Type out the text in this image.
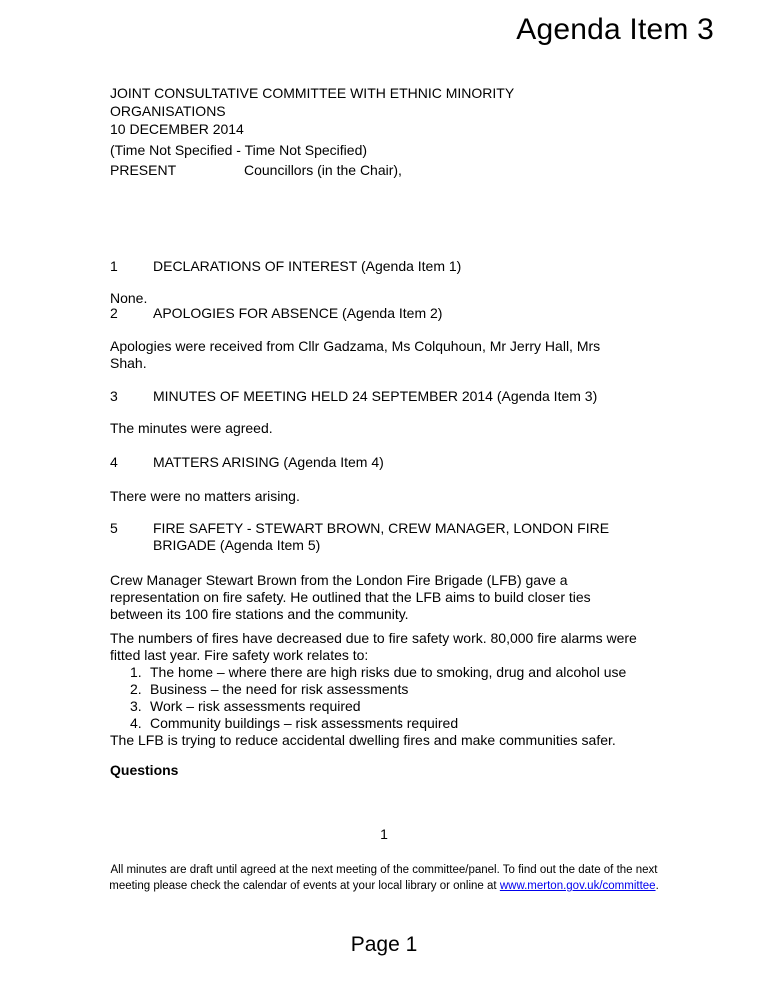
Agenda Item 3
JOINT CONSULTATIVE COMMITTEE WITH ETHNIC MINORITY
ORGANISATIONS
10 DECEMBER 2014
(Time Not Specified - Time Not Specified)
PRESENT	Councillors (in the Chair),
1	DECLARATIONS OF INTEREST (Agenda Item 1)
None.
2	APOLOGIES FOR ABSENCE (Agenda Item 2)
Apologies were received from Cllr Gadzama, Ms Colquhoun, Mr Jerry Hall, Mrs
Shah.
3	MINUTES OF MEETING HELD 24 SEPTEMBER 2014 (Agenda Item 3)
The minutes were agreed.
4	MATTERS ARISING (Agenda Item 4)
There were no matters arising.
5	FIRE SAFETY - STEWART BROWN, CREW MANAGER, LONDON FIRE
BRIGADE (Agenda Item 5)
Crew Manager Stewart Brown from the London Fire Brigade (LFB) gave a
representation on fire safety. He outlined that the LFB aims to build closer ties
between its 100 fire stations and the community.
The numbers of fires have decreased due to fire safety work. 80,000 fire alarms were
fitted last year. Fire safety work relates to:
1. The home – where there are high risks due to smoking, drug and alcohol use
2. Business – the need for risk assessments
3. Work – risk assessments required
4. Community buildings – risk assessments required
The LFB is trying to reduce accidental dwelling fires and make communities safer.
Questions
1
All minutes are draft until agreed at the next meeting of the committee/panel. To find out the date of the next
meeting please check the calendar of events at your local library or online at www.merton.gov.uk/committee.
Page 1
